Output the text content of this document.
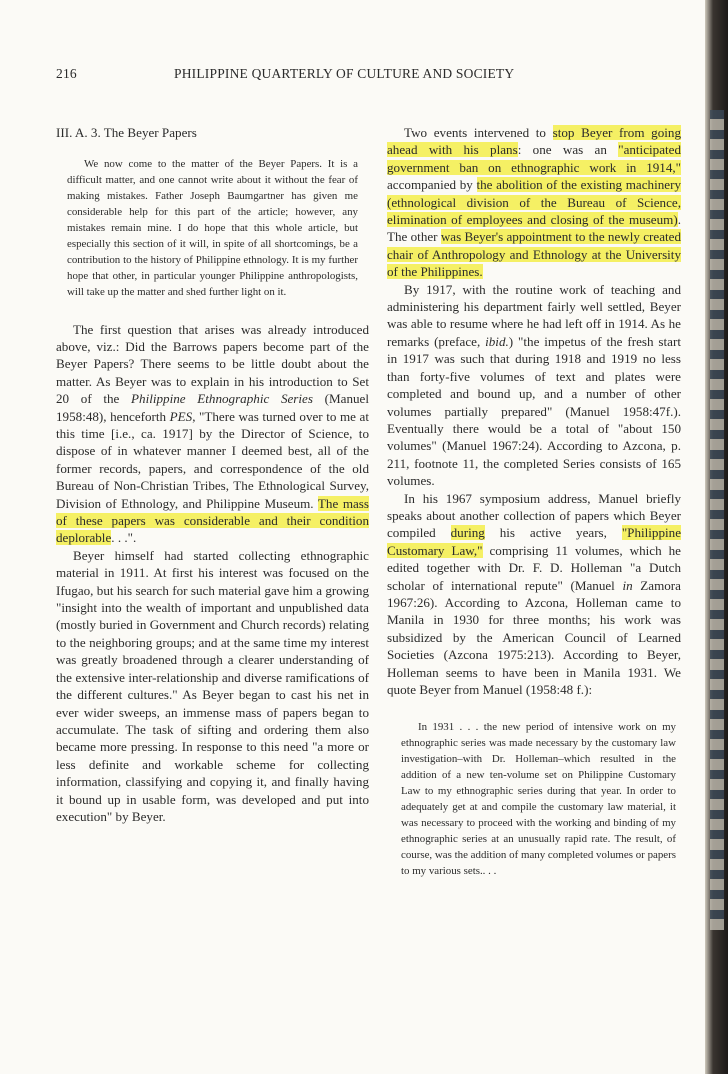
216	PHILIPPINE QUARTERLY OF CULTURE AND SOCIETY
III. A. 3. The Beyer Papers

We now come to the matter of the Beyer Papers. It is a difficult matter, and one cannot write about it without the fear of making mistakes. Father Joseph Baumgartner has given me considerable help for this part of the article; however, any mistakes remain mine. I do hope that this whole article, but especially this section of it will, in spite of all shortcomings, be a contribution to the history of Philippine ethnology. It is my further hope that other, in particular younger Philippine anthropologists, will take up the matter and shed further light on it.

The first question that arises was already introduced above, viz.: Did the Barrows papers become part of the Beyer Papers? There seems to be little doubt about the matter. As Beyer was to explain in his introduction to Set 20 of the Philippine Ethnographic Series (Manuel 1958:48), henceforth PES, "There was turned over to me at this time [i.e., ca. 1917] by the Director of Science, to dispose of in whatever manner I deemed best, all of the former records, papers, and correspondence of the old Bureau of Non-Christian Tribes, The Ethnological Survey, Division of Ethnology, and Philippine Museum. The mass of these papers was considerable and their condition deplorable. . .".

Beyer himself had started collecting ethnographic material in 1911. At first his interest was focused on the Ifugao, but his search for such material gave him a growing "insight into the wealth of important and unpublished data (mostly buried in Government and Church records) relating to the neighboring groups; and at the same time my interest was greatly broadened through a clearer understanding of the extensive inter-relationship and diverse ramifications of the different cultures." As Beyer began to cast his net in ever wider sweeps, an immense mass of papers began to accumulate. The task of sifting and ordering them also became more pressing. In response to this need "a more or less definite and workable scheme for collecting information, classifying and copying it, and finally having it bound up in usable form, was developed and put into execution" by Beyer.

Two events intervened to stop Beyer from going ahead with his plans: one was an "anticipated government ban on ethnographic work in 1914," accompanied by the abolition of the existing machinery (ethnological division of the Bureau of Science, elimination of employees and closing of the museum). The other was Beyer's appointment to the newly created chair of Anthropology and Ethnology at the University of the Philippines.

By 1917, with the routine work of teaching and administering his department fairly well settled, Beyer was able to resume where he had left off in 1914. As he remarks (preface, ibid.) "the impetus of the fresh start in 1917 was such that during 1918 and 1919 no less than forty-five volumes of text and plates were completed and bound up, and a number of other volumes partially prepared" (Manuel 1958:47f.). Eventually there would be a total of "about 150 volumes" (Manuel 1967:24). According to Azcona, p. 211, footnote 11, the completed Series consists of 165 volumes.

In his 1967 symposium address, Manuel briefly speaks about another collection of papers which Beyer compiled during his active years, "Philippine Customary Law," comprising 11 volumes, which he edited together with Dr. F. D. Holleman "a Dutch scholar of international repute" (Manuel in Zamora 1967:26). According to Azcona, Holleman came to Manila in 1930 for three months; his work was subsidized by the American Council of Learned Societies (Azcona 1975:213). According to Beyer, Holleman seems to have been in Manila 1931. We quote Beyer from Manuel (1958:48 f.):

In 1931 . . . the new period of intensive work on my ethnographic series was made necessary by the customary law investigation–with Dr. Holleman–which resulted in the addition of a new ten-volume set on Philippine Customary Law to my ethnographic series during that year. In order to adequately get at and compile the customary law material, it was necessary to proceed with the working and binding of my ethnographic series at an unusually rapid rate. The result, of course, was the addition of many completed volumes or papers to my various sets.. . .
